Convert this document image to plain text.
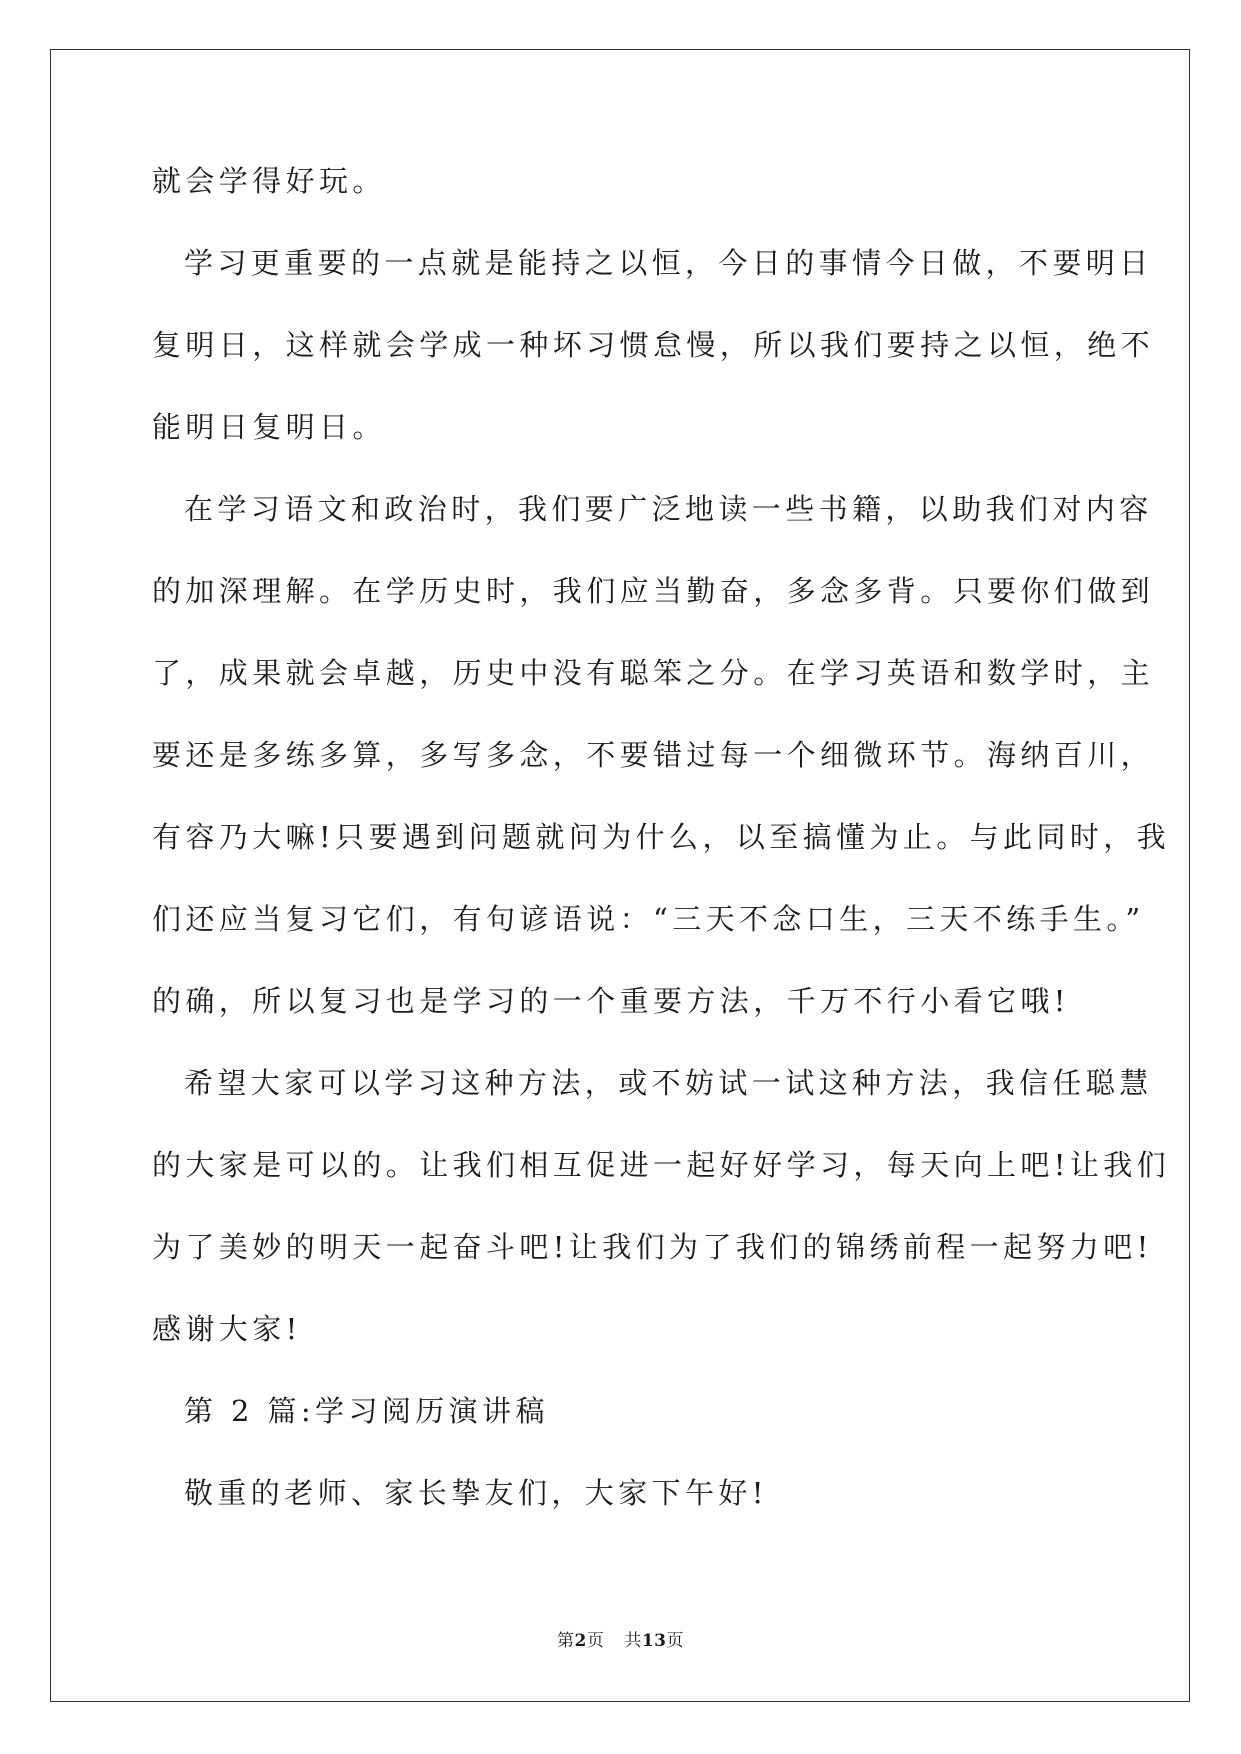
就会学得好玩。
学习更重要的一点就是能持之以恒，今日的事情今日做，不要明日
复明日，这样就会学成一种坏习惯怠慢，所以我们要持之以恒，绝不
能明日复明日。
在学习语文和政治时，我们要广泛地读一些书籍，以助我们对内容
的加深理解。在学历史时，我们应当勤奋，多念多背。只要你们做到
了，成果就会卓越，历史中没有聪笨之分。在学习英语和数学时，主
要还是多练多算，多写多念，不要错过每一个细微环节。海纳百川，
有容乃大嘛!只要遇到问题就问为什么，以至搞懂为止。与此同时，我
们还应当复习它们，有句谚语说：“三天不念口生，三天不练手生。”
的确，所以复习也是学习的一个重要方法，千万不行小看它哦!
希望大家可以学习这种方法，或不妨试一试这种方法，我信任聪慧
的大家是可以的。让我们相互促进一起好好学习，每天向上吧!让我们
为了美妙的明天一起奋斗吧!让我们为了我们的锦绣前程一起努力吧!
感谢大家!
第 2 篇:学习阅历演讲稿
敬重的老师、家长挚友们，大家下午好!
第2页 共13页
